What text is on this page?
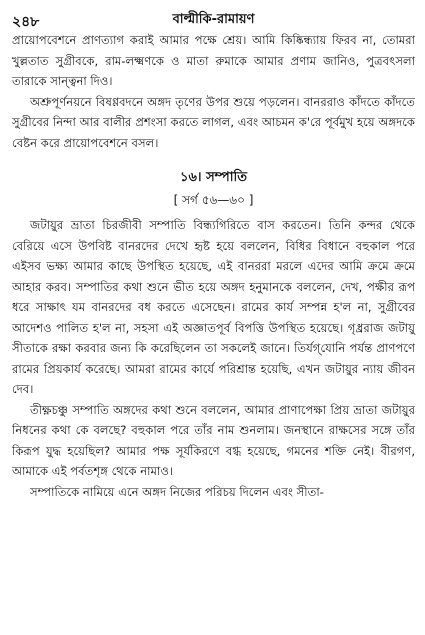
২৪৮	বাল্মীকি-রামায়ণ

প্রায়োপবেশনে প্রাণত্যাগ করাই আমার পক্ষে শ্রেয়। আমি কিষ্কিন্ধ্যায় ফিরব না, তোমরা খুল্লতাত সুগ্রীবকে, রাম-লক্ষ্মণকে ও মাতা রুমাকে আমার প্রণাম জানিও, পুত্রবৎসলা তারাকে সান্ত্বনা দিও।

অশ্রুপূর্ণনয়নে বিষণ্ণবদনে অঙ্গদ তৃণের উপর শুয়ে পড়লেন। বানররাও কাঁদতে কাঁদতে সুগ্রীবের নিন্দা আর বালীর প্রশংসা করতে লাগল, এবং আচমন ক'রে পূর্বমুখ হয়ে অঙ্গদকে বেষ্টন করে প্রায়োপবেশনে বসল।

১৬। সম্পাতি

[ সর্গ ৫৬—৬০ ]

জটায়ুর ভ্রাতা চিরজীবী সম্পাতি বিন্ধ্যগিরিতে বাস করতেন। তিনি কন্দর থেকে বেরিয়ে এসে উপবিষ্ট বানরদের দেখে হৃষ্ট হয়ে বললেন, বিধির বিধানে বহুকাল পরে এইসব ভক্ষ্য আমার কাছে উপস্থিত হয়েছে, এই বানররা মরলে এদের আমি ক্রমে ক্রমে আহার করব। সম্পাতির কথা শুনে ভীত হয়ে অঙ্গদ হনুমানকে বললেন, দেখ, পক্ষীর রূপ ধরে সাক্ষাৎ যম বানরদের বধ করতে এসেছেন। রামের কার্য সম্পন্ন হ'ল না, সুগ্রীবের আদেশও পালিত হ'ল না, সহসা এই অজ্ঞাতপূর্ব বিপত্তি উপস্থিত হয়েছে। গৃধ্ররাজ জটায়ু সীতাকে রক্ষা করবার জন্য কি করেছিলেন তা সকলেই জানে। তির্যগ্‌যোনি পর্যন্ত প্রাণপণে রামের প্রিয়কার্য করেছে। আমরা রামের কার্যে পরিশ্রান্ত হয়েছি, এখন জটায়ুর ন্যায় জীবন দেব।

তীক্ষ্ণচঞ্চু সম্পাতি অঙ্গদের কথা শুনে বললেন, আমার প্রাণাপেক্ষা প্রিয় ভ্রাতা জটায়ুর নিধনের কথা কে বলছে? বহুকাল পরে তাঁর নাম শুনলাম। জনস্থানে রাক্ষসের সঙ্গে তাঁর কিরূপ যুদ্ধ হয়েছিল? আমার পক্ষ সূর্যকিরণে বগ্ধ হয়েছে, গমনের শক্তি নেই। বীরগণ, আমাকে এই পর্বতশৃঙ্গ থেকে নামাও।

সম্পাতিকে নামিয়ে এনে অঙ্গদ নিজের পরিচয় দিলেন এবং সীতা-
